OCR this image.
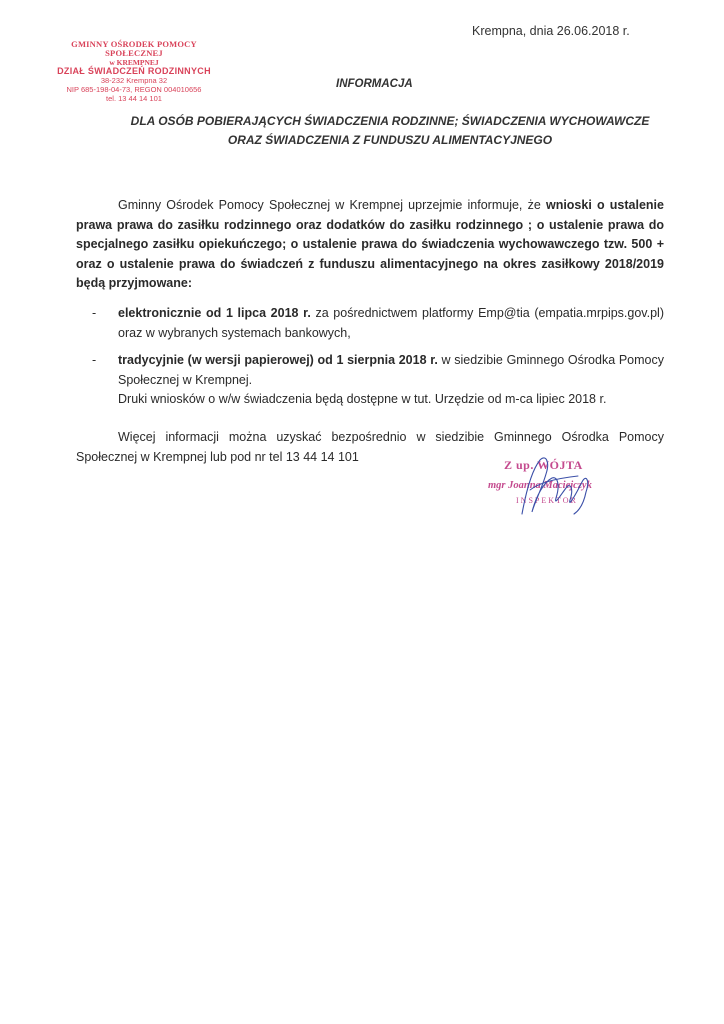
Krempna, dnia 26.06.2018 r.
GMINNY OŚRODEK POMOCY SPOŁECZNEJ
w KREMPNEJ
DZIAŁ ŚWIADCZEŃ RODZINNYCH
38-232 Krempna 32
NIP 685-198-04-73, REGON 004010656
tel. 13 44 14 101
INFORMACJA
DLA OSÓB POBIERAJĄCYCH ŚWIADCZENIA RODZINNE; ŚWIADCZENIA WYCHOWAWCZE
ORAZ ŚWIADCZENIA Z FUNDUSZU ALIMENTACYJNEGO
Gminny Ośrodek Pomocy Społecznej w Krempnej uprzejmie informuje, że wnioski o ustalenie prawa prawa do zasiłku rodzinnego oraz dodatków do zasiłku rodzinnego ; o ustalenie prawa do specjalnego zasiłku opiekuńczego; o ustalenie prawa do świadczenia wychowawczego tzw. 500 + oraz o ustalenie prawa do świadczeń z funduszu alimentacyjnego na okres zasiłkowy 2018/2019 będą przyjmowane:
- elektronicznie od 1 lipca 2018 r. za pośrednictwem platformy Emp@tia (empatia.mrpips.gov.pl) oraz w wybranych systemach bankowych,
- tradycyjnie (w wersji papierowej) od 1 sierpnia 2018 r. w siedzibie Gminnego Ośrodka Pomocy Społecznej w Krempnej.
Druki wniosków o w/w świadczenia będą dostępne w tut. Urzędzie od m-ca lipiec 2018 r.
Więcej informacji można uzyskać bezpośrednio w siedzibie Gminnego Ośrodka Pomocy Społecznej w Krempnej lub pod nr tel 13 44 14 101
Z up. WÓJTA
mgr Joanna Maciejczyk
INSPEKTOR
